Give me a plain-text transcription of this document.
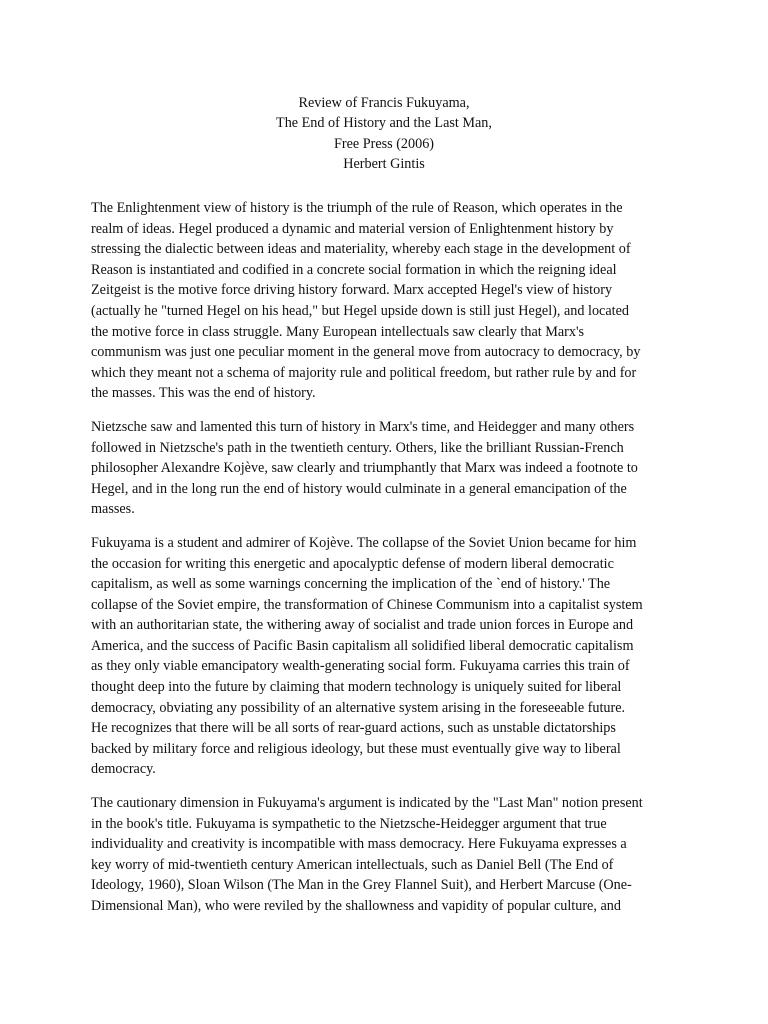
Review of Francis Fukuyama,
The End of History and the Last Man,
Free Press (2006)
Herbert Gintis

The Enlightenment view of history is the triumph of the rule of Reason, which operates in the
realm of ideas. Hegel produced a dynamic and material version of Enlightenment history by
stressing the dialectic between ideas and materiality, whereby each stage in the development of
Reason is instantiated and codified in a concrete social formation in which the reigning ideal
Zeitgeist is the motive force driving history forward. Marx accepted Hegel's view of history
(actually he "turned Hegel on his head," but Hegel upside down is still just Hegel), and located
the motive force in class struggle. Many European intellectuals saw clearly that Marx's
communism was just one peculiar moment in the general move from autocracy to democracy, by
which they meant not a schema of majority rule and political freedom, but rather rule by and for
the masses. This was the end of history.

Nietzsche saw and lamented this turn of history in Marx's time, and Heidegger and many others
followed in Nietzsche's path in the twentieth century. Others, like the brilliant Russian-French
philosopher Alexandre Kojève, saw clearly and triumphantly that Marx was indeed a footnote to
Hegel, and in the long run the end of history would culminate in a general emancipation of the
masses.

Fukuyama is a student and admirer of Kojève. The collapse of the Soviet Union became for him
the occasion for writing this energetic and apocalyptic defense of modern liberal democratic
capitalism, as well as some warnings concerning the implication of the `end of history.' The
collapse of the Soviet empire, the transformation of Chinese Communism into a capitalist system
with an authoritarian state, the withering away of socialist and trade union forces in Europe and
America, and the success of Pacific Basin capitalism all solidified liberal democratic capitalism
as they only viable emancipatory wealth-generating social form. Fukuyama carries this train of
thought deep into the future by claiming that modern technology is uniquely suited for liberal
democracy, obviating any possibility of an alternative system arising in the foreseeable future.
He recognizes that there will be all sorts of rear-guard actions, such as unstable dictatorships
backed by military force and religious ideology, but these must eventually give way to liberal
democracy.

The cautionary dimension in Fukuyama's argument is indicated by the "Last Man" notion present
in the book's title. Fukuyama is sympathetic to the Nietzsche-Heidegger argument that true
individuality and creativity is incompatible with mass democracy. Here Fukuyama expresses a
key worry of mid-twentieth century American intellectuals, such as Daniel Bell (The End of
Ideology, 1960), Sloan Wilson (The Man in the Grey Flannel Suit), and Herbert Marcuse (One-
Dimensional Man), who were reviled by the shallowness and vapidity of popular culture, and
